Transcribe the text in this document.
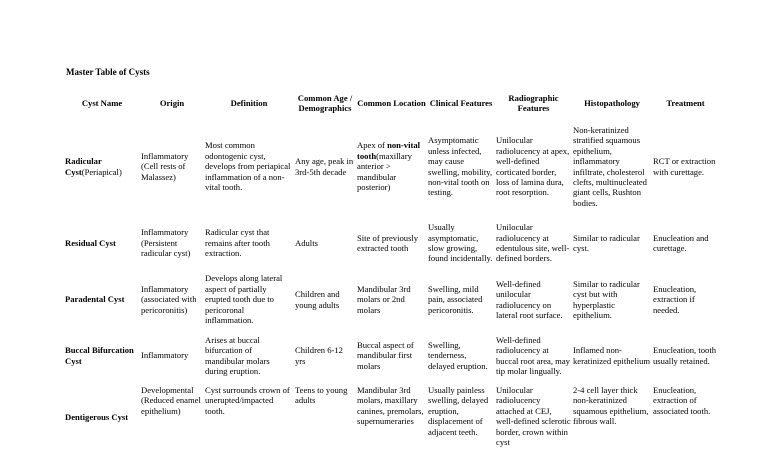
Master Table of Cysts
Cyst Name	Origin	Definition	Common Age / Demographics	Common Location	Clinical Features	Radiographic Features	Histopathology	Treatment
Radicular Cyst(Periapical)	Inflammatory (Cell rests of Malassez)	Most common odontogenic cyst, develops from periapical inflammation of a non-vital tooth.	Any age, peak in 3rd-5th decade	Apex of non-vital tooth(maxillary anterior > mandibular posterior)	Asymptomatic unless infected, may cause swelling, mobility, non-vital tooth on testing.	Unilocular radiolucency at apex, well-defined corticated border, loss of lamina dura, root resorption.	Non-keratinized stratified squamous epithelium, inflammatory infiltrate, cholesterol clefts, multinucleated giant cells, Rushton bodies.	RCT or extraction with curettage.
Residual Cyst	Inflammatory (Persistent radicular cyst)	Radicular cyst that remains after tooth extraction.	Adults	Site of previously extracted tooth	Usually asymptomatic, slow growing, found incidentally.	Unilocular radiolucency at edentulous site, well-defined borders.	Similar to radicular cyst.	Enucleation and curettage.
Paradental Cyst	Inflammatory (associated with pericoronitis)	Develops along lateral aspect of partially erupted tooth due to pericoronal inflammation.	Children and young adults	Mandibular 3rd molars or 2nd molars	Swelling, mild pain, associated pericoronitis.	Well-defined unilocular radiolucency on lateral root surface.	Similar to radicular cyst but with hyperplastic epithelium.	Enucleation, extraction if needed.
Buccal Bifurcation Cyst	Inflammatory	Arises at buccal bifurcation of mandibular molars during eruption.	Children 6-12 yrs	Buccal aspect of mandibular first molars	Swelling, tenderness, delayed eruption.	Well-defined radiolucency at buccal root area, may tip molar lingually.	Inflamed non-keratinized epithelium	Enucleation, tooth usually retained.
Dentigerous Cyst	Developmental (Reduced enamel epithelium)	Cyst surrounds crown of unerupted/impacted tooth.	Teens to young adults	Mandibular 3rd molars, maxillary canines, premolars, supernumeraries	Usually painless swelling, delayed eruption, displacement of adjacent teeth.	Unilocular radiolucency attached at CEJ, well-defined sclerotic border, crown within cyst	2-4 cell layer thick non-keratinized squamous epithelium, fibrous wall.	Enucleation, extraction of associated tooth.
